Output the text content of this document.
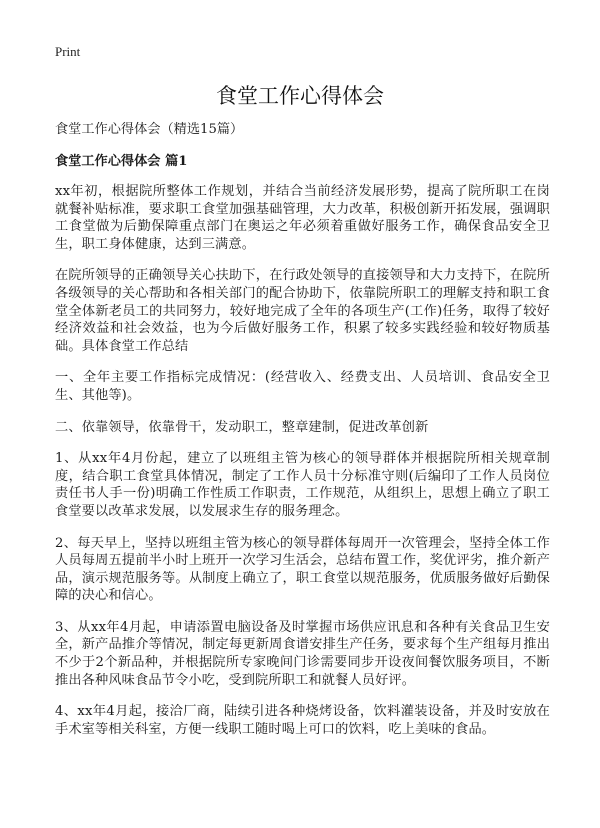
Print
食堂工作心得体会

食堂工作心得体会（精选15篇）

食堂工作心得体会 篇1

xx年初，根据院所整体工作规划，并结合当前经济发展形势，提高了院所职工在岗就餐补贴标准，要求职工食堂加强基础管理，大力改革，积极创新开拓发展，强调职工食堂做为后勤保障重点部门在奥运之年必须着重做好服务工作，确保食品安全卫生，职工身体健康，达到三满意。

在院所领导的正确领导关心扶助下，在行政处领导的直接领导和大力支持下，在院所各级领导的关心帮助和各相关部门的配合协助下，依靠院所职工的理解支持和职工食堂全体新老员工的共同努力，较好地完成了全年的各项生产(工作)任务，取得了较好经济效益和社会效益，也为今后做好服务工作，积累了较多实践经验和较好物质基础。具体食堂工作总结

一、全年主要工作指标完成情况：(经营收入、经费支出、人员培训、食品安全卫生、其他等)。

二、依靠领导，依靠骨干，发动职工，整章建制，促进改革创新

1、从xx年4月份起，建立了以班组主管为核心的领导群体并根据院所相关规章制度，结合职工食堂具体情况，制定了工作人员十分标准守则(后编印了工作人员岗位责任书人手一份)明确工作性质工作职责，工作规范，从组织上，思想上确立了职工食堂要以改革求发展，以发展求生存的服务理念。

2、每天早上，坚持以班组主管为核心的领导群体每周开一次管理会，坚持全体工作人员每周五提前半小时上班开一次学习生活会，总结布置工作，奖优评劣，推介新产品，演示规范服务等。从制度上确立了，职工食堂以规范服务，优质服务做好后勤保障的决心和信心。

3、从xx年4月起，申请添置电脑设备及时掌握市场供应讯息和各种有关食品卫生安全，新产品推介等情况，制定每更新周食谱安排生产任务，要求每个生产组每月推出不少于2个新品种，并根据院所专家晚间门诊需要同步开设夜间餐饮服务项目，不断推出各种风味食品节令小吃，受到院所职工和就餐人员好评。

4、xx年4月起，接洽厂商，陆续引进各种烧烤设备，饮料灌装设备，并及时安放在手术室等相关科室，方便一线职工随时喝上可口的饮料，吃上美味的食品。
